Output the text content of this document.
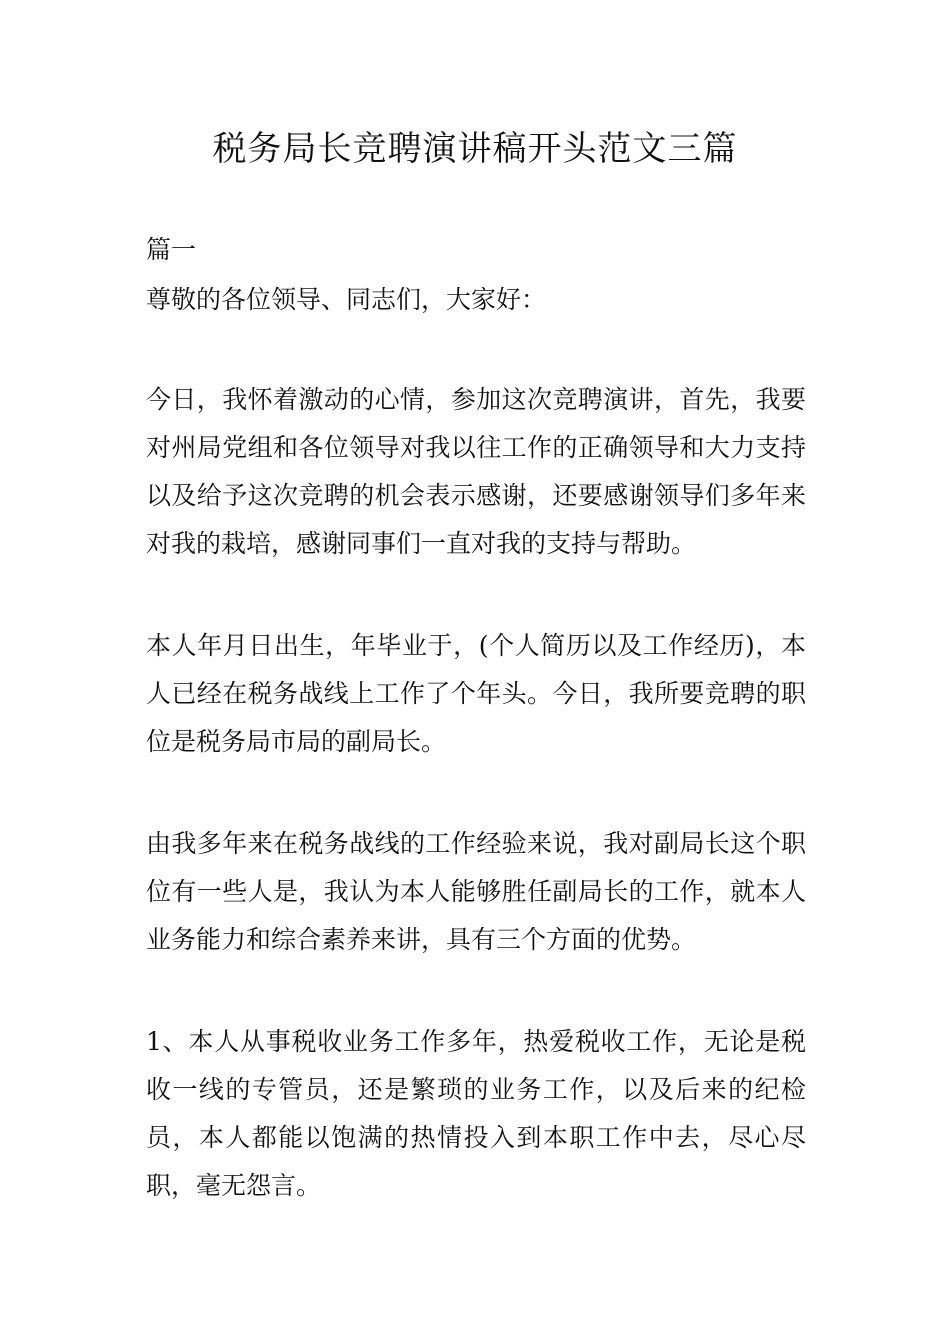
税务局长竞聘演讲稿开头范文三篇

篇一

尊敬的各位领导、同志们，大家好：

今日，我怀着激动的心情，参加这次竞聘演讲，首先，我要对州局党组和各位领导对我以往工作的正确领导和大力支持以及给予这次竞聘的机会表示感谢，还要感谢领导们多年来对我的栽培，感谢同事们一直对我的支持与帮助。

本人年月日出生，年毕业于，(个人简历以及工作经历)，本人已经在税务战线上工作了个年头。今日，我所要竞聘的职位是税务局市局的副局长。

由我多年来在税务战线的工作经验来说，我对副局长这个职位有一些人是，我认为本人能够胜任副局长的工作，就本人业务能力和综合素养来讲，具有三个方面的优势。

1、本人从事税收业务工作多年，热爱税收工作，无论是税收一线的专管员，还是繁琐的业务工作，以及后来的纪检员，本人都能以饱满的热情投入到本职工作中去，尽心尽职，毫无怨言。
